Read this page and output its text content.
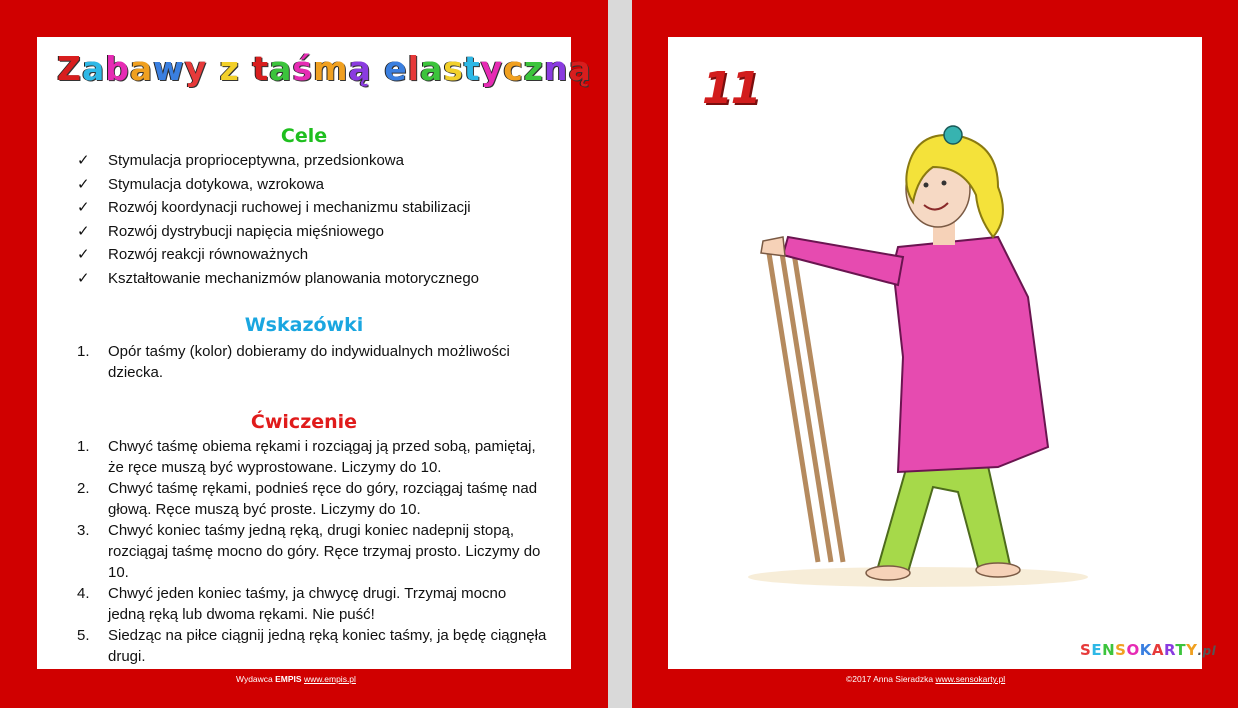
Zabawy z taśmą elastyczną
Cele
✓	Stymulacja proprioceptywna, przedsionkowa
✓	Stymulacja dotykowa, wzrokowa
✓	Rozwój koordynacji ruchowej i mechanizmu stabilizacji
✓	Rozwój dystrybucji napięcia mięśniowego
✓	Rozwój reakcji równoważnych
✓	Kształtowanie mechanizmów planowania motorycznego
Wskazówki
1.	Opór taśmy (kolor) dobieramy do indywidualnych możliwości
dziecka.
Ćwiczenie
1.	Chwyć taśmę obiema rękami i rozciągaj ją przed sobą, pamiętaj,
że ręce muszą być wyprostowane. Liczymy do 10.
2.	Chwyć taśmę rękami, podnieś ręce do góry, rozciągaj taśmę nad
głową. Ręce muszą być proste. Liczymy do 10.
3.	Chwyć koniec taśmy jedną ręką, drugi koniec nadepnij stopą,
rozciągaj taśmę mocno do góry. Ręce trzymaj prosto. Liczymy do
10.
4.	Chwyć jeden koniec taśmy, ja chwycę drugi. Trzymaj mocno
jedną ręką lub dwoma rękami. Nie puść!
5.	Siedząc na piłce ciągnij jedną ręką koniec taśmy, ja będę ciągnęła
drugi.
Wydawca EMPIS www.empis.pl
11
SENSOKARTY.pl
©2017 Anna Sieradzka www.sensokarty.pl
